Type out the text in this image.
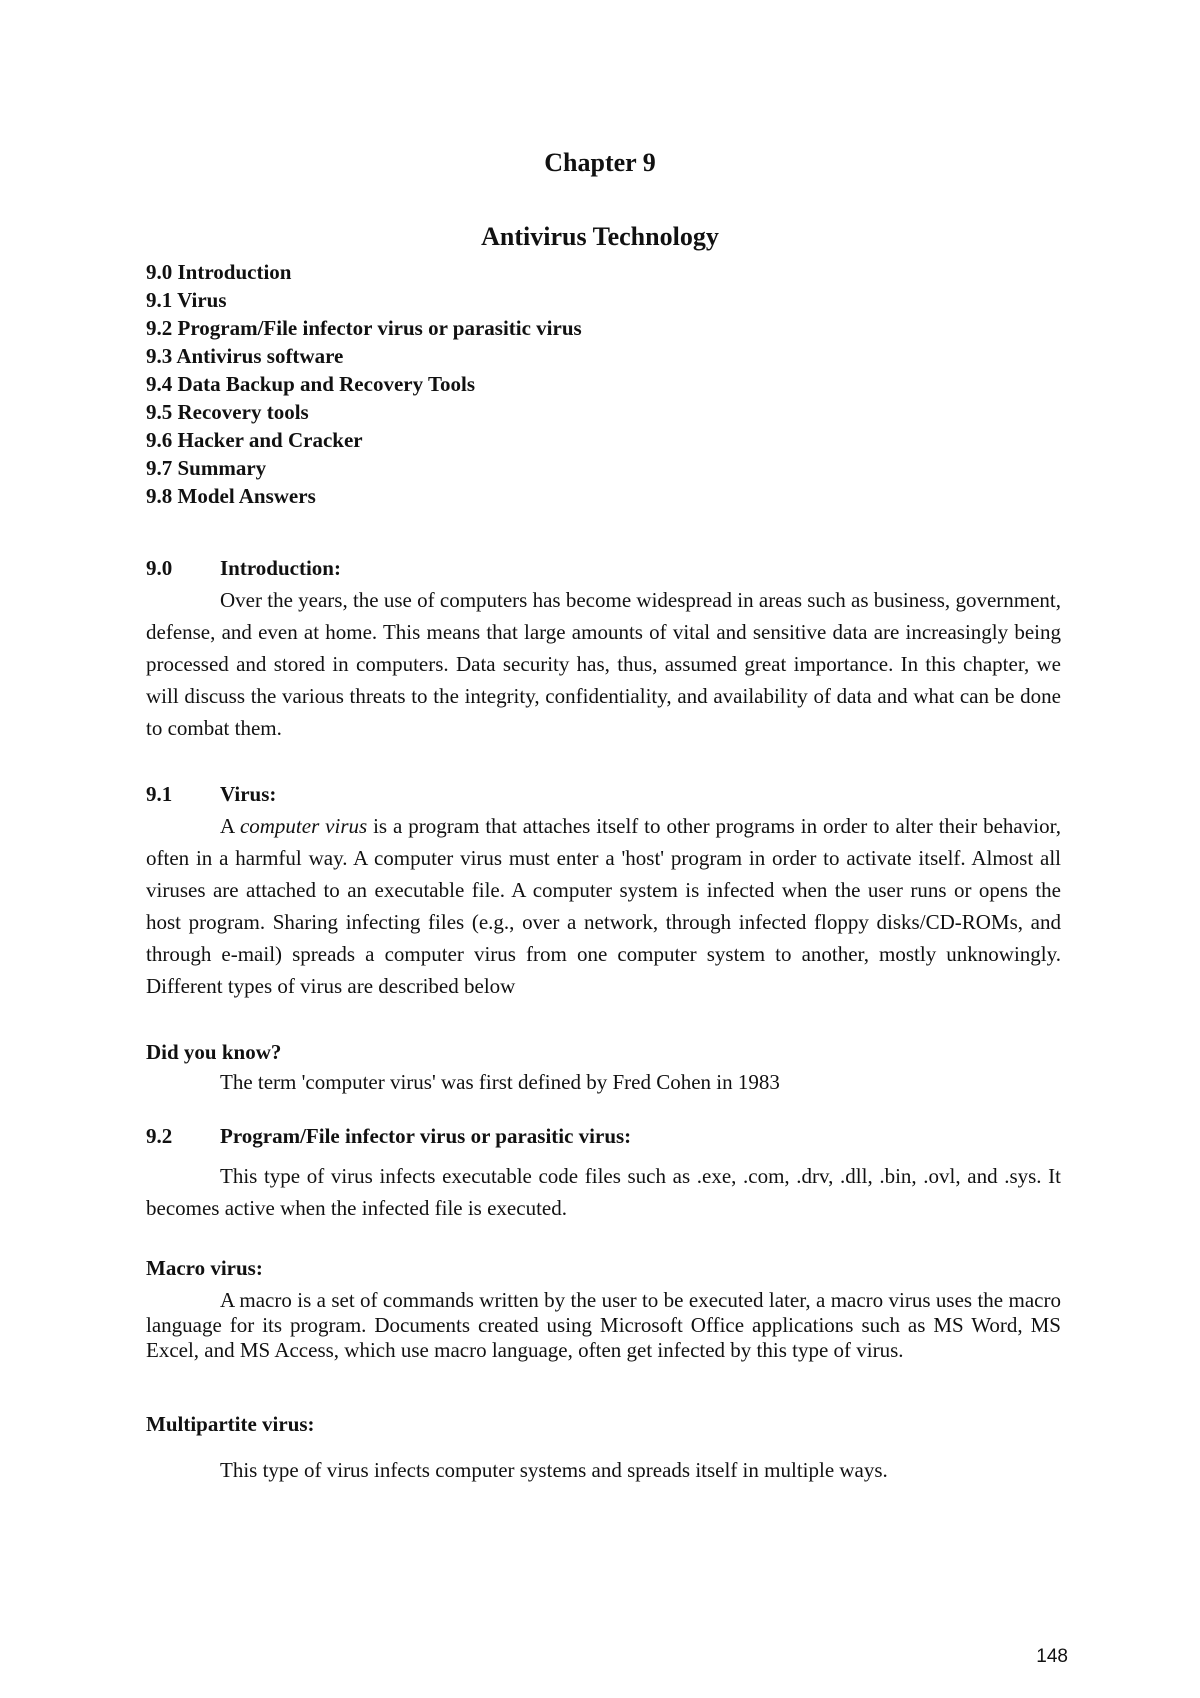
Chapter 9
Antivirus Technology
9.0 Introduction
9.1 Virus
9.2 Program/File infector virus or parasitic virus
9.3 Antivirus software
9.4 Data Backup and Recovery Tools
9.5 Recovery tools
9.6 Hacker and Cracker
9.7 Summary
9.8 Model Answers
9.0 Introduction:

Over the years, the use of computers has become widespread in areas such as business, government, defense, and even at home. This means that large amounts of vital and sensitive data are increasingly being processed and stored in computers. Data security has, thus, assumed great importance. In this chapter, we will discuss the various threats to the integrity, confidentiality, and availability of data and what can be done to combat them.

9.1 Virus:

A computer virus is a program that attaches itself to other programs in order to alter their behavior, often in a harmful way. A computer virus must enter a 'host' program in order to activate itself. Almost all viruses are attached to an executable file. A computer system is infected when the user runs or opens the host program. Sharing infecting files (e.g., over a network, through infected floppy disks/CD-ROMs, and through e-mail) spreads a computer virus from one computer system to another, mostly unknowingly. Different types of virus are described below

Did you know?

The term 'computer virus' was first defined by Fred Cohen in 1983

9.2 Program/File infector virus or parasitic virus:

This type of virus infects executable code files such as .exe, .com, .drv, .dll, .bin, .ovl, and .sys. It becomes active when the infected file is executed.

Macro virus:

A macro is a set of commands written by the user to be executed later, a macro virus uses the macro language for its program. Documents created using Microsoft Office applications such as MS Word, MS Excel, and MS Access, which use macro language, often get infected by this type of virus.

Multipartite virus:

This type of virus infects computer systems and spreads itself in multiple ways.

148
